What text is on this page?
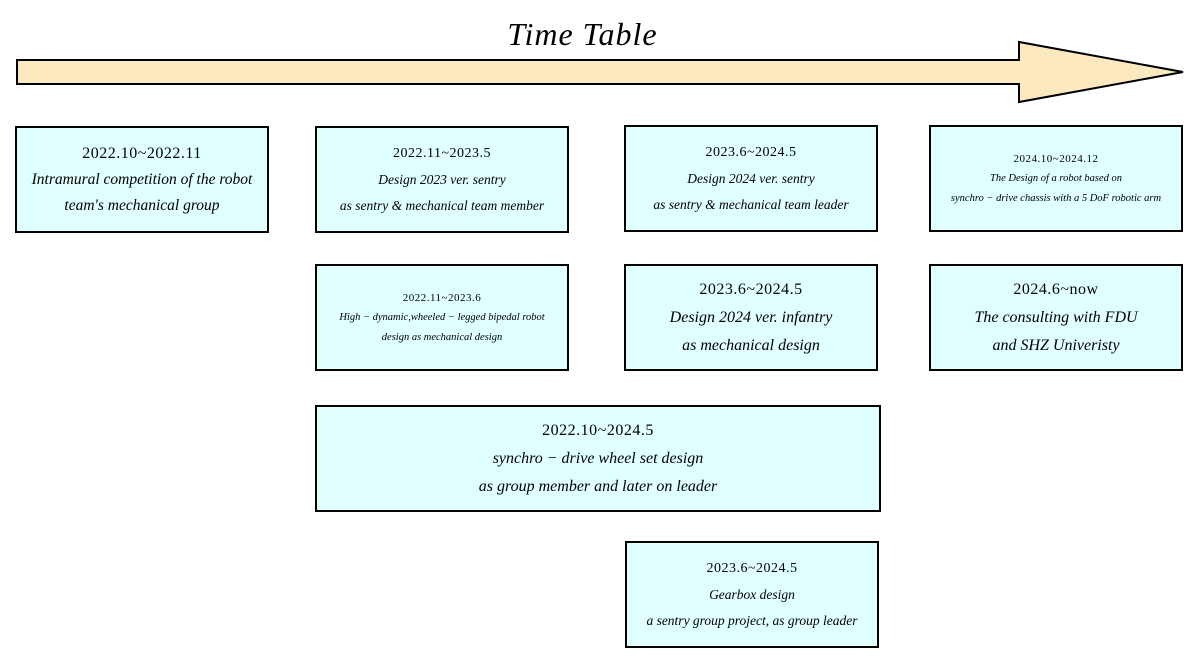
Time Table
2022.10~2022.11
Intramural competition of the robot
team's mechanical group
2022.11~2023.5
Design 2023 ver. sentry
as sentry & mechanical team member
2023.6~2024.5
Design 2024 ver. sentry
as sentry & mechanical team leader
2024.10~2024.12
The Design of a robot based on
synchro − drive chassis with a 5 DoF robotic arm
2022.11~2023.6
High − dynamic,wheeled − legged bipedal robot
design as mechanical design
2023.6~2024.5
Design 2024 ver. infantry
as mechanical design
2024.6~now
The consulting with FDU
and SHZ Univeristy
2022.10~2024.5
synchro − drive wheel set design
as group member and later on leader
2023.6~2024.5
Gearbox design
a sentry group project, as group leader
